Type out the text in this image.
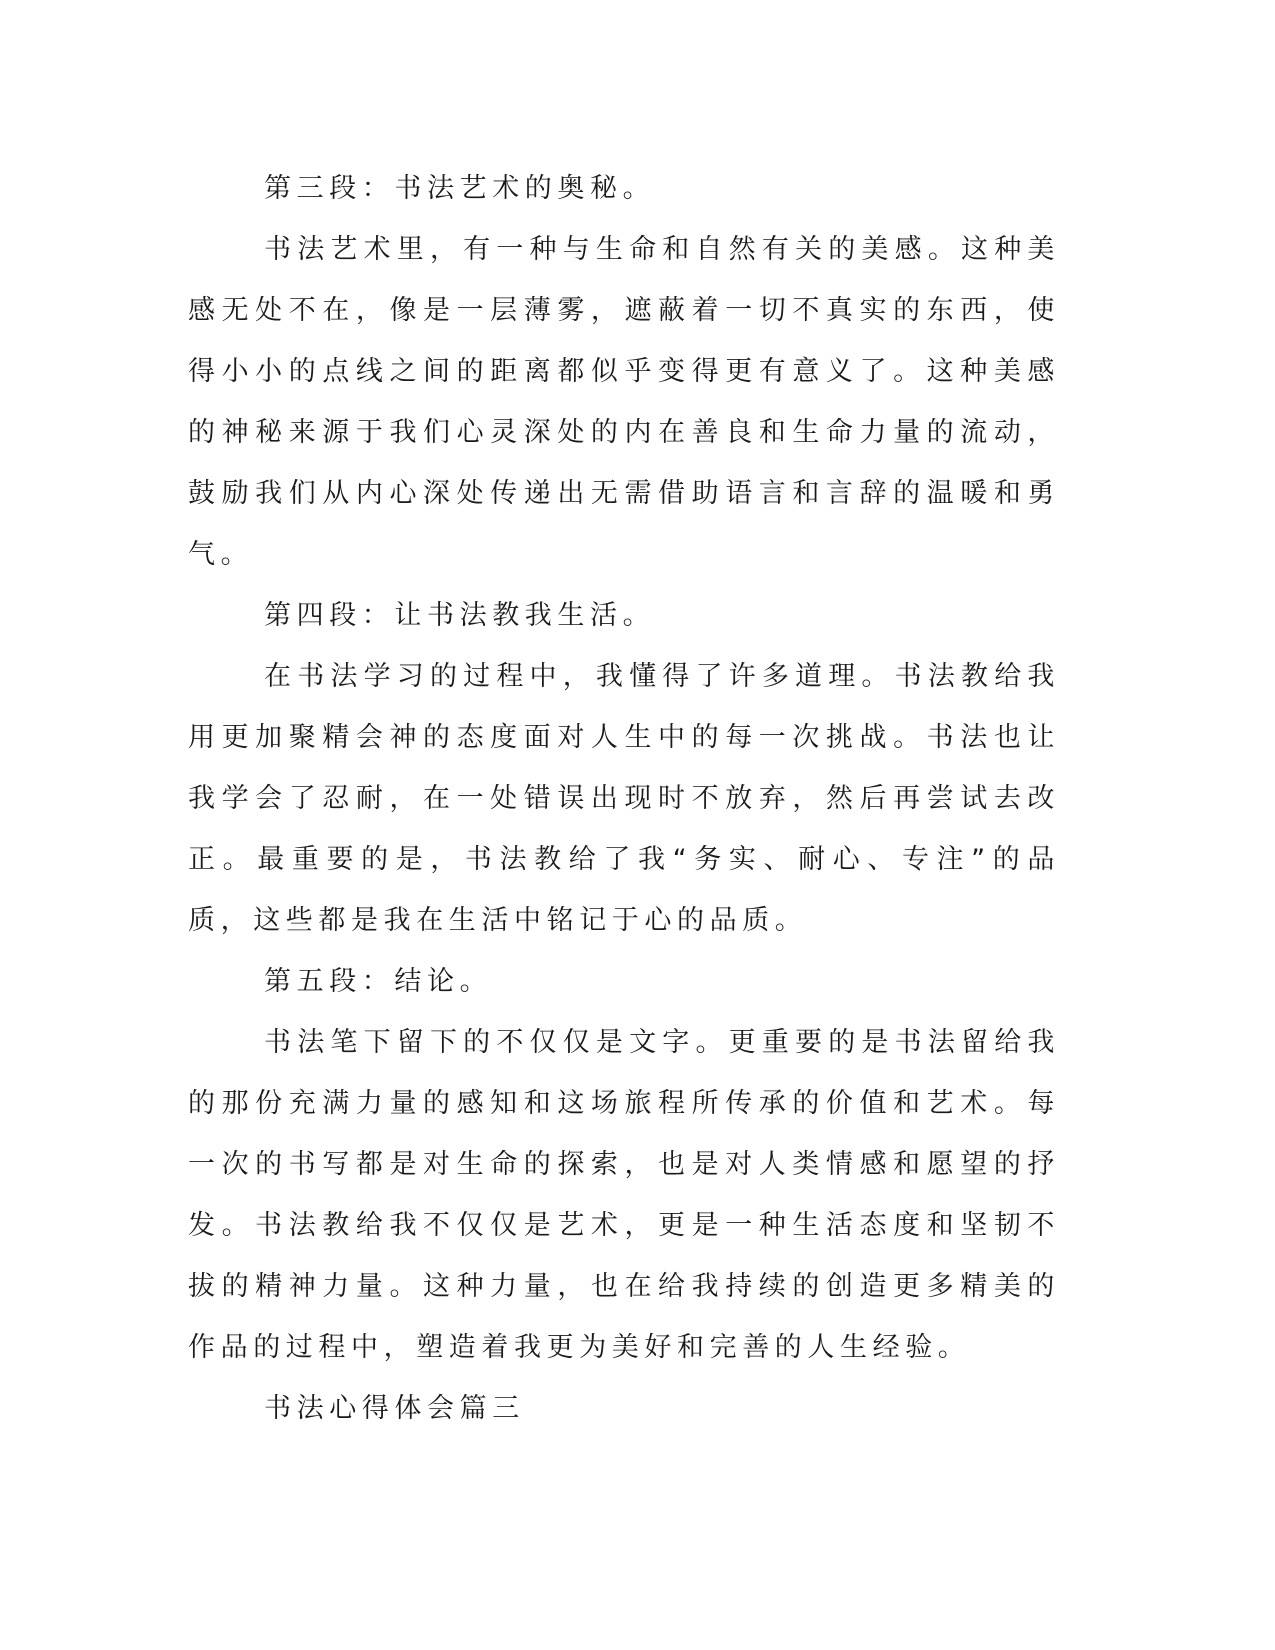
第三段：书法艺术的奥秘。

书法艺术里，有一种与生命和自然有关的美感。这种美感无处不在，像是一层薄雾，遮蔽着一切不真实的东西，使得小小的点线之间的距离都似乎变得更有意义了。这种美感的神秘来源于我们心灵深处的内在善良和生命力量的流动，鼓励我们从内心深处传递出无需借助语言和言辞的温暖和勇气。

第四段：让书法教我生活。

在书法学习的过程中，我懂得了许多道理。书法教给我用更加聚精会神的态度面对人生中的每一次挑战。书法也让我学会了忍耐，在一处错误出现时不放弃，然后再尝试去改正。最重要的是，书法教给了我“务实、耐心、专注”的品质，这些都是我在生活中铭记于心的品质。

第五段：结论。

书法笔下留下的不仅仅是文字。更重要的是书法留给我的那份充满力量的感知和这场旅程所传承的价值和艺术。每一次的书写都是对生命的探索，也是对人类情感和愿望的抒发。书法教给我不仅仅是艺术，更是一种生活态度和坚韧不拔的精神力量。这种力量，也在给我持续的创造更多精美的作品的过程中，塑造着我更为美好和完善的人生经验。

书法心得体会篇三
